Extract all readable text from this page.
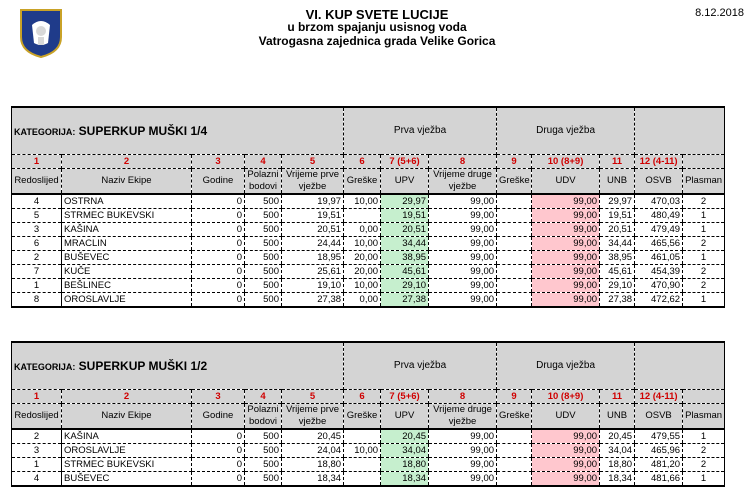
8.12.2018
VI. KUP SVETE LUCIJE
u brzom spajanju usisnog voda
Vatrogasna zajednica grada Velike Gorica
KATEGORIJA: SUPERKUP MUŠKI 1/4					Prva vježba			Druga vježba				
1	2	3	4	5	6	7 (5+6)	8	9	10 (8+9)	11	12 (4-11)	
Redoslijed	Naziv Ekipe	Godine	Polazni bodovi	Vrijeme prve vježbe	Greške	UPV	Vrijeme druge vježbe	Greške	UDV	UNB	OSVB	Plasman
4	OSTRNA	0	500	19,97	10,00	29,97	99,00		99,00	29,97	470,03	2
5	STRMEC BUKEVSKI	0	500	19,51		19,51	99,00		99,00	19,51	480,49	1
3	KAŠINA	0	500	20,51	0,00	20,51	99,00		99,00	20,51	479,49	1
6	MRACLIN	0	500	24,44	10,00	34,44	99,00		99,00	34,44	465,56	2
2	BUŠEVEC	0	500	18,95	20,00	38,95	99,00		99,00	38,95	461,05	1
7	KUČE	0	500	25,61	20,00	45,61	99,00		99,00	45,61	454,39	2
1	BEŠLINEC	0	500	19,10	10,00	29,10	99,00		99,00	29,10	470,90	2
8	OROSLAVLJE	0	500	27,38	0,00	27,38	99,00		99,00	27,38	472,62	1
KATEGORIJA: SUPERKUP MUŠKI 1/2					Prva vježba			Druga vježba				
1	2	3	4	5	6	7 (5+6)	8	9	10 (8+9)	11	12 (4-11)	
Redoslijed	Naziv Ekipe	Godine	Polazni bodovi	Vrijeme prve vježbe	Greške	UPV	Vrijeme druge vježbe	Greške	UDV	UNB	OSVB	Plasman
2	KAŠINA	0	500	20,45		20,45	99,00		99,00	20,45	479,55	1
3	OROSLAVLJE	0	500	24,04	10,00	34,04	99,00		99,00	34,04	465,96	2
1	STRMEC BUKEVSKI	0	500	18,80		18,80	99,00		99,00	18,80	481,20	2
4	BUŠEVEC	0	500	18,34		18,34	99,00		99,00	18,34	481,66	1
